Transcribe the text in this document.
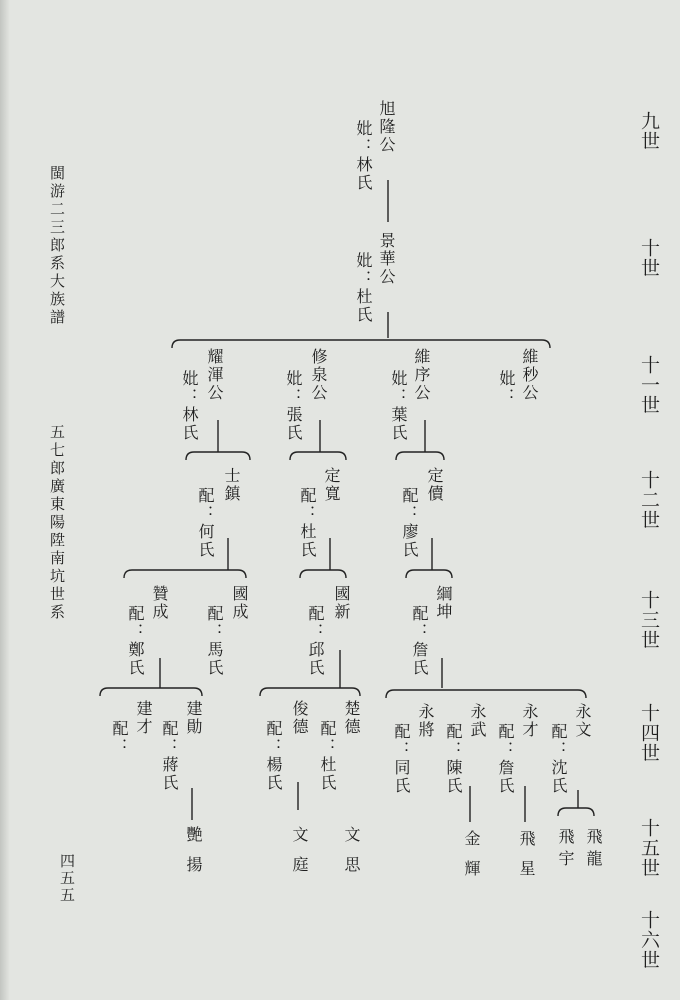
閩游二三郎系大族譜
五七郎廣東陽陞南坑世系
四五五
九世
十世
十一世
十二世
十三世
十四世
十五世
十六世
旭隆公
妣：林氏
景華公
妣：杜氏
耀渾公
妣：林氏	修泉公
妣：張氏	維序公
妣：葉氏	維秒公
妣：
士鎮
配：何氏
定寬
配：杜氏
定儥
配：廖氏
贊成
配：鄭氏
國成
配：馬氏
國新
配：邱氏
綱坤
配：詹氏
建才
配：
建勛
配：蔣氏
俊德
配：楊氏
楚德
配：杜氏	永將
配：同氏
永武
配：陳氏
永才
配：詹氏
永文
配：沈氏
艷揚	文庭 文思	金輝 飛星 飛宇 飛龍
